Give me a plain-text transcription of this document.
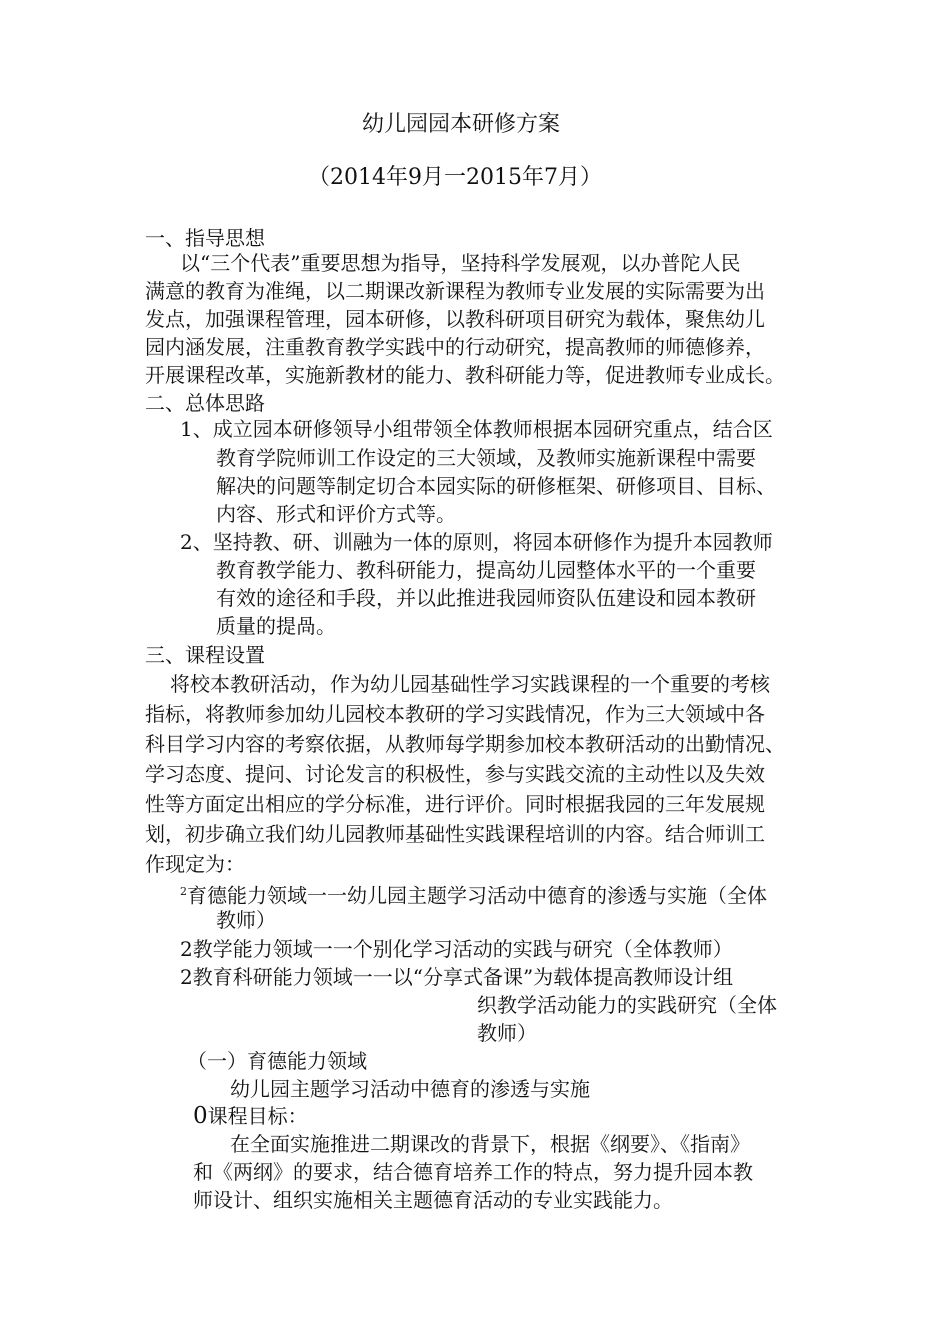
幼儿园园本研修方案
（2014年9月一2015年7月）
一、指导思想
以“三个代表”重要思想为指导，坚持科学发展观，以办普陀人民
满意的教育为准绳，以二期课改新课程为教师专业发展的实际需要为出
发点，加强课程管理，园本研修，以教科研项目研究为载体，聚焦幼儿
园内涵发展，注重教育教学实践中的行动研究，提高教师的师德修养，
开展课程改革，实施新教材的能力、教科研能力等，促进教师专业成长。
二、总体思路
1、成立园本研修领导小组带领全体教师根据本园研究重点，结合区
教育学院师训工作设定的三大领域，及教师实施新课程中需要
解决的问题等制定切合本园实际的研修框架、研修项目、目标、
内容、形式和评价方式等。
2、坚持教、研、训融为一体的原则，将园本研修作为提升本园教师
教育教学能力、教科研能力，提高幼儿园整体水平的一个重要
有效的途径和手段，并以此推进我园师资队伍建设和园本教研
质量的提咼。
三、课程设置
将校本教研活动，作为幼儿园基础性学习实践课程的一个重要的考核
指标，将教师参加幼儿园校本教研的学习实践情况，作为三大领域中各
科目学习内容的考察依据，从教师每学期参加校本教研活动的出勤情况、
学习态度、提问、讨论发言的积极性，参与实践交流的主动性以及失效
性等方面定出相应的学分标准，进行评价。同时根据我园的三年发展规
划，初步确立我们幼儿园教师基础性实践课程培训的内容。结合师训工
作现定为：
$^2$育德能力领域一一幼儿园主题学习活动中德育的渗透与实施（全体
教师）
2教学能力领域一一个别化学习活动的实践与研究（全体教师）
2教育科研能力领域一一以“分享式备课”为载体提高教师设计组
织教学活动能力的实践研究（全体
教师）
（一）育德能力领域
幼儿园主题学习活动中德育的渗透与实施
0课程目标：
在全面实施推进二期课改的背景下，根据《纲要》、《指南》
和《两纲》的要求，结合德育培养工作的特点，努力提升园本教
师设计、组织实施相关主题德育活动的专业实践能力。
